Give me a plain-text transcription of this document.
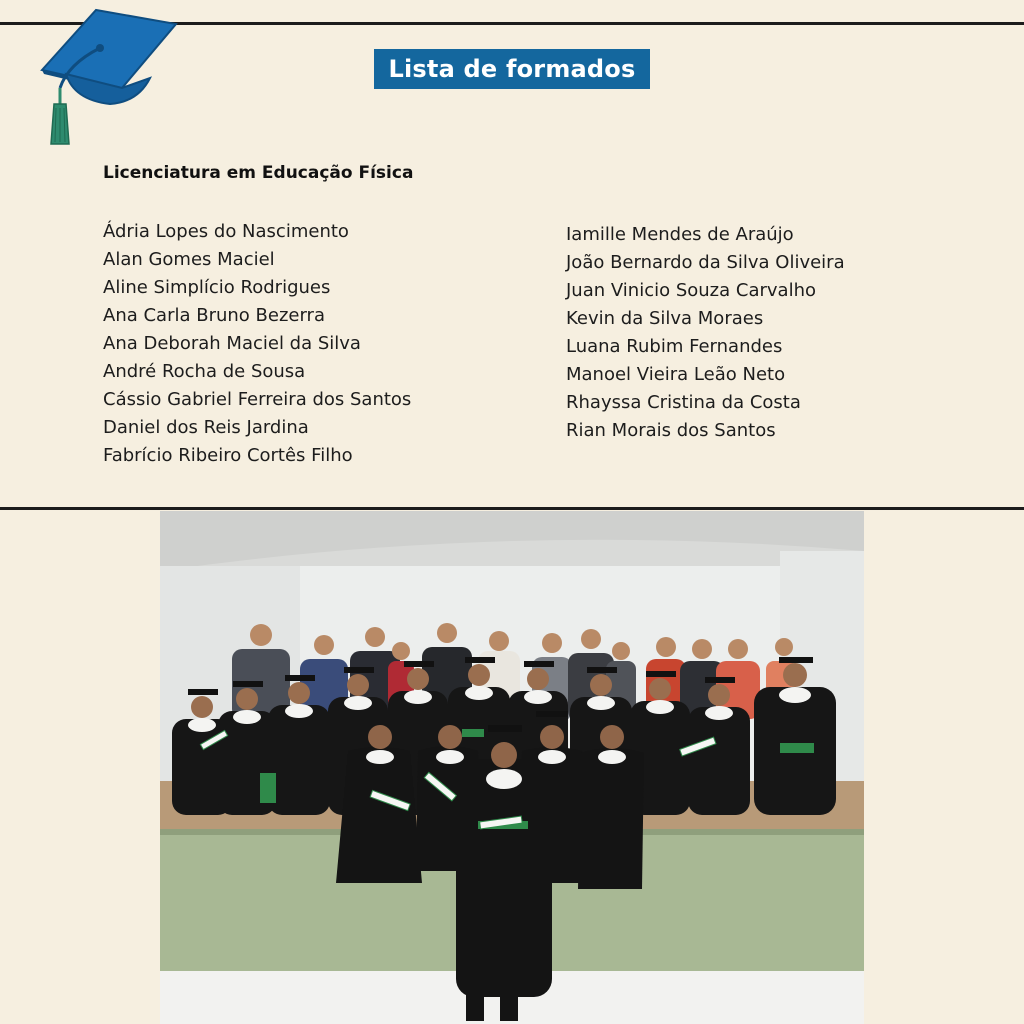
Lista de formados
Licenciatura em Educação Física
Ádria Lopes do Nascimento
Alan Gomes Maciel
Aline Simplício Rodrigues
Ana Carla Bruno Bezerra
Ana Deborah Maciel da Silva
André Rocha de Sousa
Cássio Gabriel Ferreira dos Santos
Daniel dos Reis Jardina
Fabrício Ribeiro Cortês Filho
Iamille Mendes de Araújo
João Bernardo da Silva Oliveira
Juan Vinicio Souza Carvalho
Kevin da Silva Moraes
Luana Rubim Fernandes
Manoel Vieira Leão Neto
Rhayssa Cristina da Costa
Rian Morais dos Santos
